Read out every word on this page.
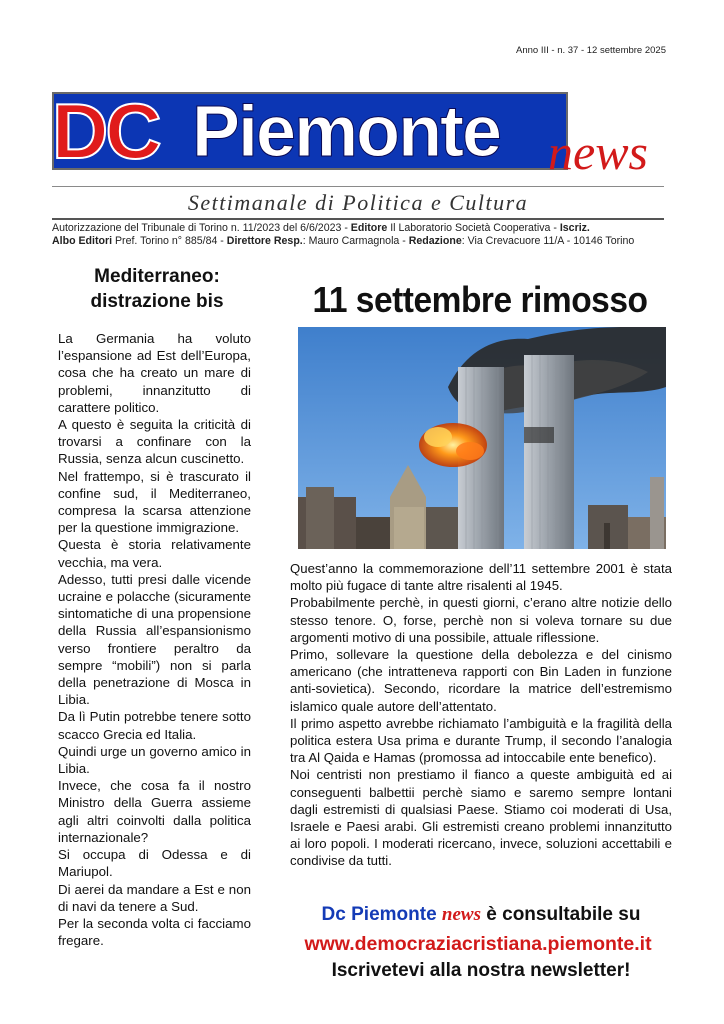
Anno III - n. 37 - 12 settembre 2025
DC Piemonte news
Settimanale di Politica e Cultura
Autorizzazione del Tribunale di Torino n. 11/2023 del 6/6/2023 - Editore Il Laboratorio Società Cooperativa - Iscriz.
Albo Editori Pref. Torino n° 885/84 - Direttore Resp.: Mauro Carmagnola - Redazione: Via Crevacuore 11/A - 10146 Torino
Mediterraneo: distrazione bis

La Germania ha voluto l’espansione ad Est dell’Europa, cosa che ha creato un mare di problemi, innanzitutto di carattere politico.

A questo è seguita la criticità di trovarsi a confinare con la Russia, senza alcun cuscinetto.

Nel frattempo, si è trascurato il confine sud, il Mediterraneo, compresa la scarsa attenzione per la questione immigrazione.

Questa è storia relativamente vecchia, ma vera.

Adesso, tutti presi dalle vicende ucraine e polacche (sicuramente sintomatiche di una propensione della Russia all’espansionismo verso frontiere peraltro da sempre “mobili”) non si parla della penetrazione di Mosca in Libia.

Da lì Putin potrebbe tenere sotto scacco Grecia ed Italia.

Quindi urge un governo amico in Libia.

Invece, che cosa fa il nostro Ministro della Guerra assieme agli altri coinvolti dalla politica internazionale?

Si occupa di Odessa e di Mariupol.

Di aerei da mandare a Est e non di navi da tenere a Sud.

Per la seconda volta ci facciamo fregare.

11 settembre rimosso

Quest’anno la commemorazione dell’11 settembre 2001 è stata molto più fugace di tante altre risalenti al 1945.

Probabilmente perchè, in questi giorni, c’erano altre notizie dello stesso tenore. O, forse, perchè non si voleva tornare su due argomenti motivo di una possibile, attuale riflessione.

Primo, sollevare la questione della debolezza e del cinismo americano (che intratteneva rapporti con Bin Laden in funzione anti-sovietica). Secondo, ricordare la matrice dell’estremismo islamico quale autore dell’attentato.

Il primo aspetto avrebbe richiamato l’ambiguità e la fragilità della politica estera Usa prima e durante Trump, il secondo l’analogia tra Al Qaida e Hamas (promossa ad intoccabile ente benefico).

Noi centristi non prestiamo il fianco a queste ambiguità ed ai conseguenti balbettii perchè siamo e saremo sempre lontani dagli estremisti di qualsiasi Paese. Stiamo coi moderati di Usa, Israele e Paesi arabi. Gli estremisti creano problemi innanzitutto ai loro popoli. I moderati ricercano, invece, soluzioni accettabili e condivise da tutti.

Dc Piemonte news è consultabile su
www.democraziacristiana.piemonte.it
Iscrivetevi alla nostra newsletter!
